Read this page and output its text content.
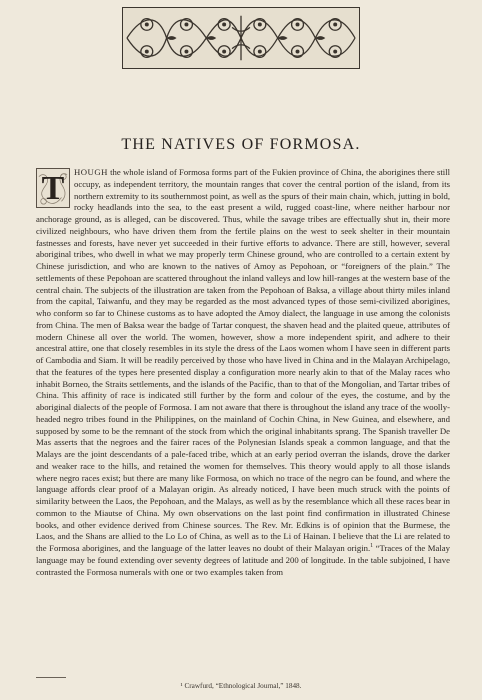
THE NATIVES OF FORMOSA.
T	HOUGH the whole island of Formosa forms part of the Fukien province of China, the aborigines there still occupy, as independent territory, the mountain ranges that cover the central portion of the island, from its northern extremity to its southernmost point, as well as the spurs of their main chain, which, jutting in bold, rocky headlands into the sea, to the east present a wild, rugged coast-line, where neither harbour nor anchorage ground, as is alleged, can be discovered. Thus, while the savage tribes are effectually shut in, their more civilized neighbours, who have driven them from the fertile plains on the west to seek shelter in their mountain fastnesses and forests, have never yet succeeded in their furtive efforts to advance. There are still, however, several aboriginal tribes, who dwell in what we may properly term Chinese ground, who are controlled to a certain extent by Chinese jurisdiction, and who are known to the natives of Amoy as Pepohoan, or “foreigners of the plain.” The settlements of these Pepohoan are scattered throughout the inland valleys and low hill-ranges at the western base of the central chain. The subjects of the illustration are taken from the Pepohoan of Baksa, a village about thirty miles inland from the capital, Taiwanfu, and they may be regarded as the most advanced types of those semi-civilized aborigines, who conform so far to Chinese customs as to have adopted the Amoy dialect, the language in use among the colonists from China. The men of Baksa wear the badge of Tartar conquest, the shaven head and the plaited queue, attributes of modern Chinese all over the world. The women, however, show a more independent spirit, and adhere to their ancestral attire, one that closely resembles in its style the dress of the Laos women whom I have seen in different parts of Cambodia and Siam. It will be readily perceived by those who have lived in China and in the Malayan Archipelago, that the features of the types here presented display a configuration more nearly akin to that of the Malay races who inhabit Borneo, the Straits settlements, and the islands of the Pacific, than to that of the Mongolian, and Tartar tribes of China. This affinity of race is indicated still further by the form and colour of the eyes, the costume, and by the aboriginal dialects of the people of Formosa. I am not aware that there is throughout the island any trace of the woolly-headed negro tribes found in the Philippines, on the mainland of Cochin China, in New Guinea, and elsewhere, and supposed by some to be the remnant of the stock from which the original inhabitants sprang. The Spanish traveller De Mas asserts that the negroes and the fairer races of the Polynesian Islands speak a common language, and that the Malays are the joint descendants of a pale-faced tribe, which at an early period overran the islands, drove the darker and weaker race to the hills, and retained the women for themselves. This theory would apply to all those islands where negro races exist; but there are many like Formosa, on which no trace of the negro can be found, and where the language affords clear proof of a Malayan origin. As already noticed, I have been much struck with the points of similarity between the Laos, the Pepohoan, and the Malays, as well as by the resemblance which all these races bear in common to the Miautse of China. My own observations on the last point find confirmation in illustrated Chinese books, and other evidence derived from Chinese sources. The Rev. Mr. Edkins is of opinion that the Burmese, the Laos, and the Shans are allied to the Lo Lo of China, as well as to the Li of Hainan. I believe that the Li are related to the Formosa aborigines, and the language of the latter leaves no doubt of their Malayan origin.$^1$ “Traces of the Malay language may be found extending over seventy degrees of latitude and 200 of longitude. In the table subjoined, I have contrasted the Formosa numerals with one or two examples taken from
¹ Crawfurd, “Ethnological Journal,” 1848.
